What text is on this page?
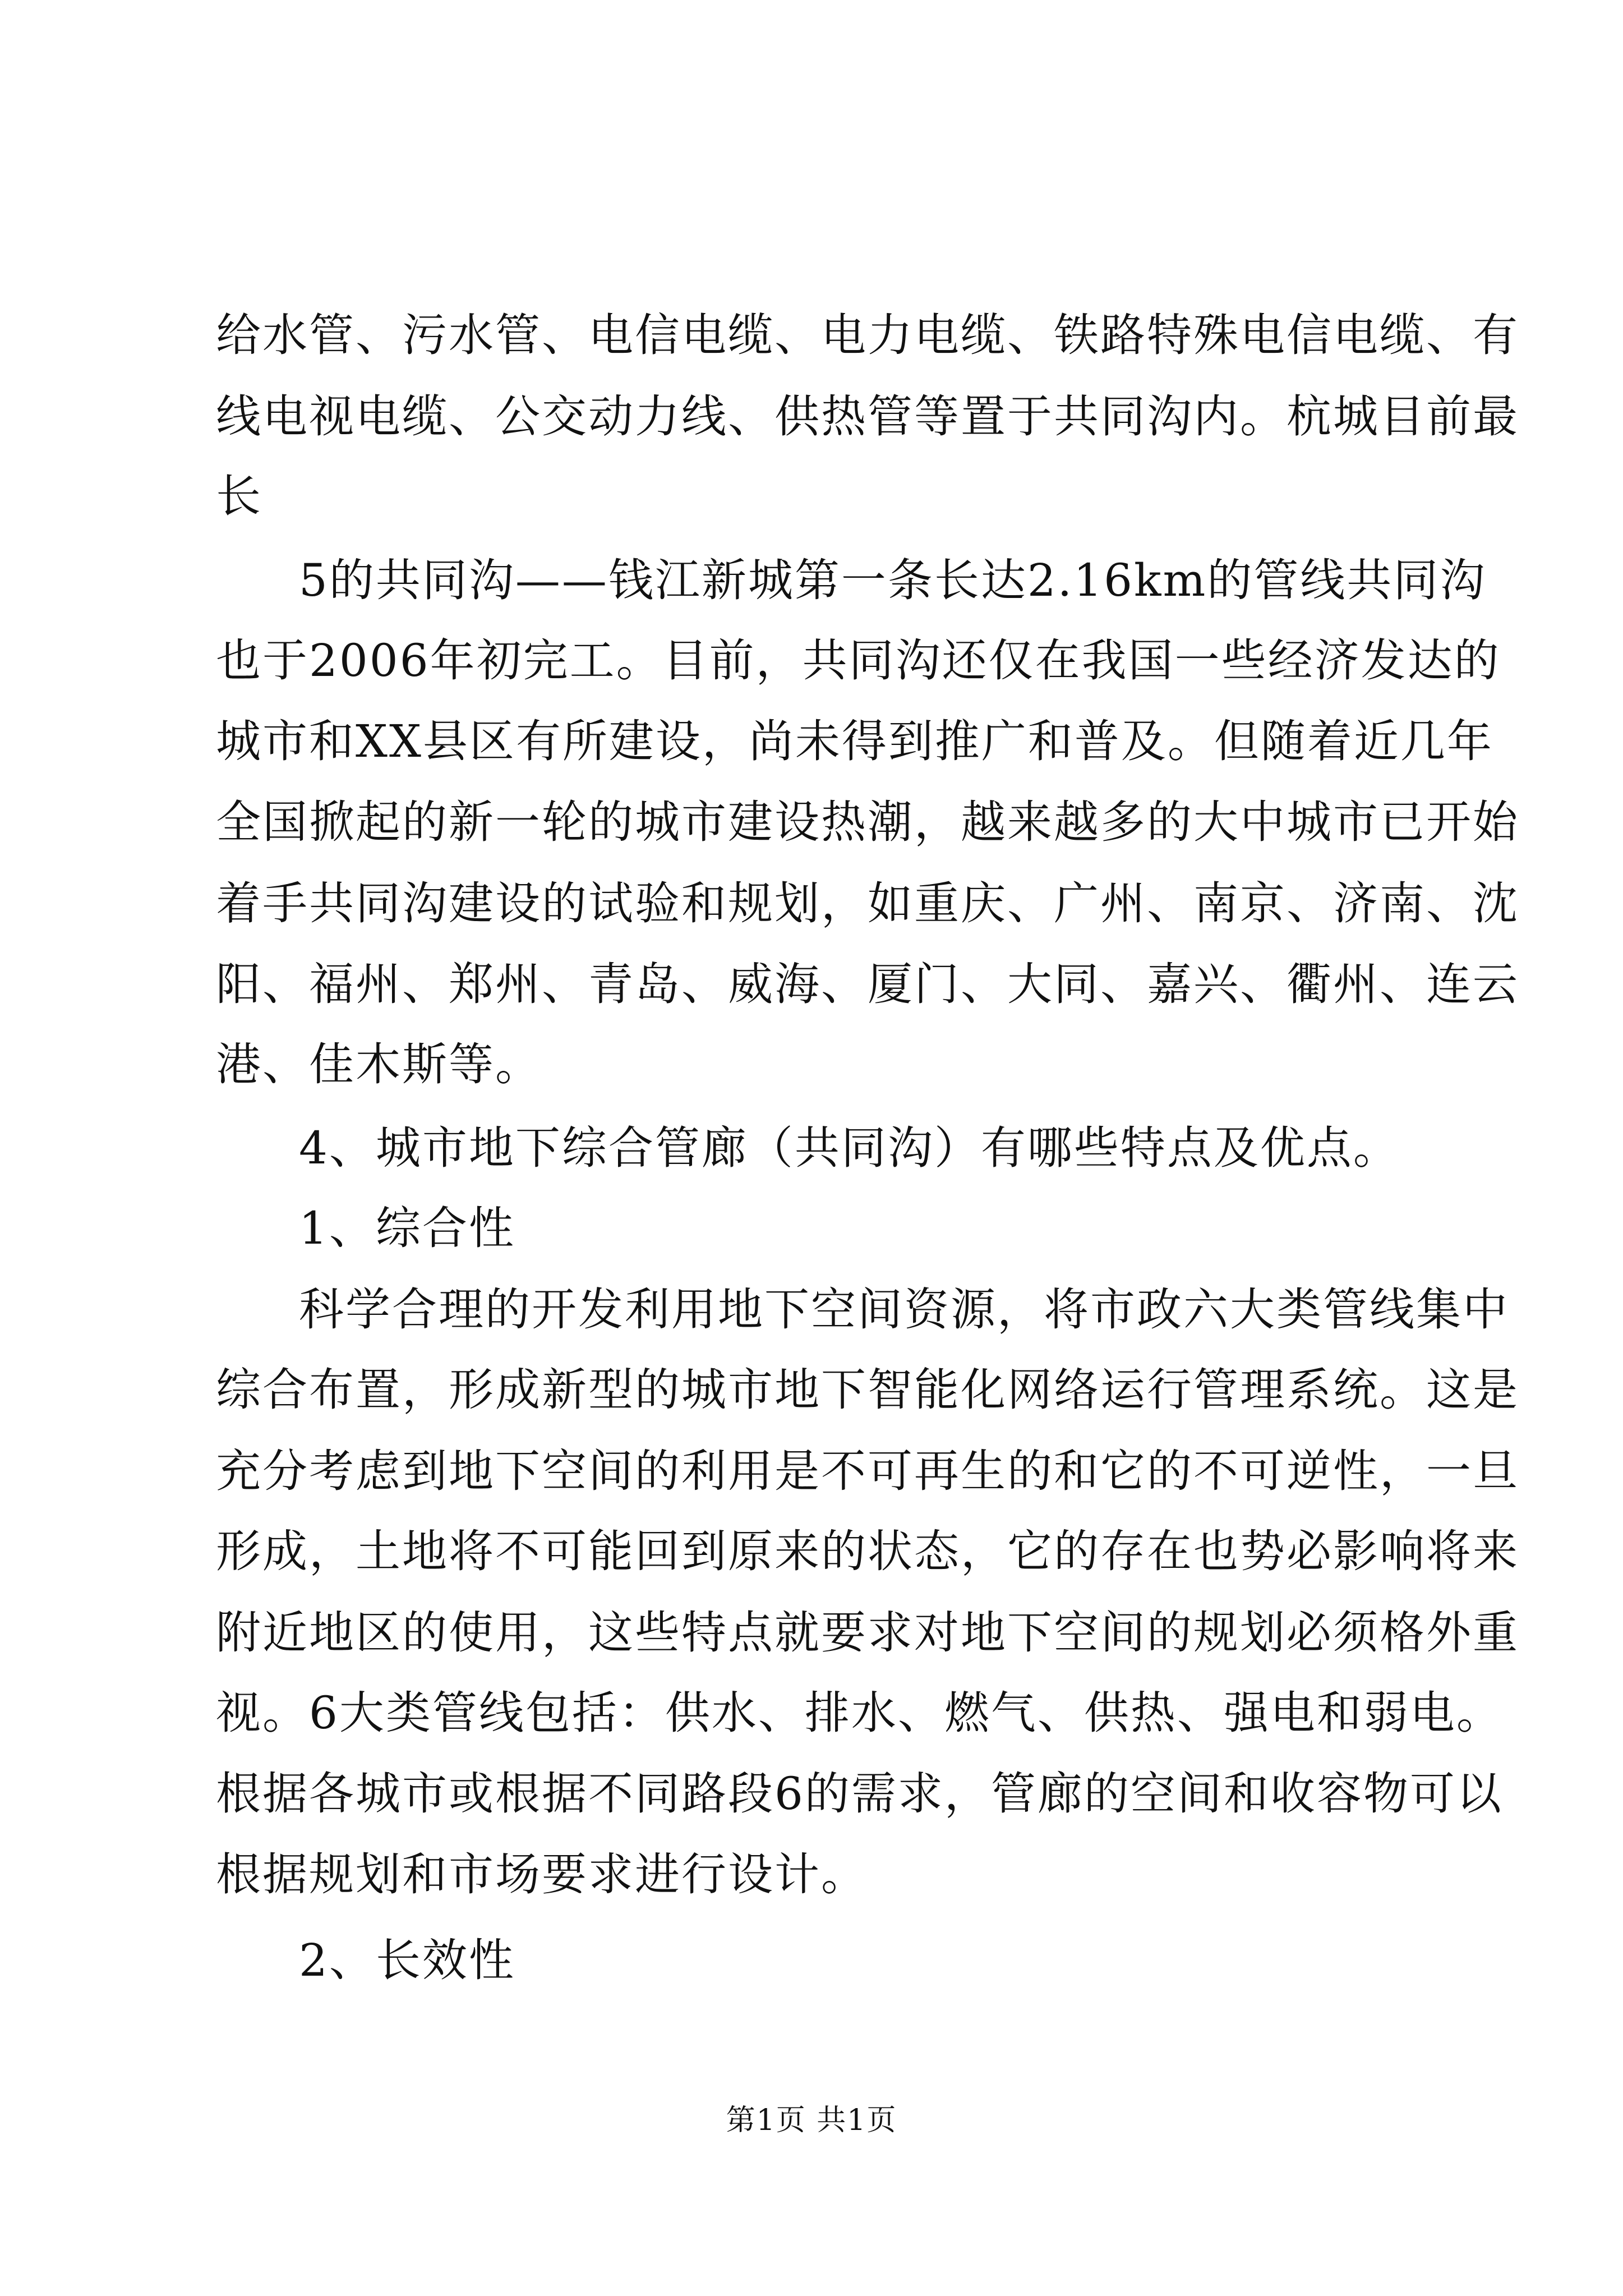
给水管、污水管、电信电缆、电力电缆、铁路特殊电信电缆、有
线电视电缆、公交动力线、供热管等置于共同沟内。杭城目前最
长
5的共同沟——钱江新城第一条长达2.16km的管线共同沟
也于2006年初完工。目前，共同沟还仅在我国一些经济发达的
城市和XX县区有所建设，尚未得到推广和普及。但随着近几年
全国掀起的新一轮的城市建设热潮，越来越多的大中城市已开始
着手共同沟建设的试验和规划，如重庆、广州、南京、济南、沈
阳、福州、郑州、青岛、威海、厦门、大同、嘉兴、衢州、连云
港、佳木斯等。
4、城市地下综合管廊（共同沟）有哪些特点及优点。
1、综合性
科学合理的开发利用地下空间资源，将市政六大类管线集中
综合布置，形成新型的城市地下智能化网络运行管理系统。这是
充分考虑到地下空间的利用是不可再生的和它的不可逆性，一旦
形成，土地将不可能回到原来的状态，它的存在也势必影响将来
附近地区的使用，这些特点就要求对地下空间的规划必须格外重
视。6大类管线包括：供水、排水、燃气、供热、强电和弱电。
根据各城市或根据不同路段6的需求，管廊的空间和收容物可以
根据规划和市场要求进行设计。
2、长效性
第1页 共1页
